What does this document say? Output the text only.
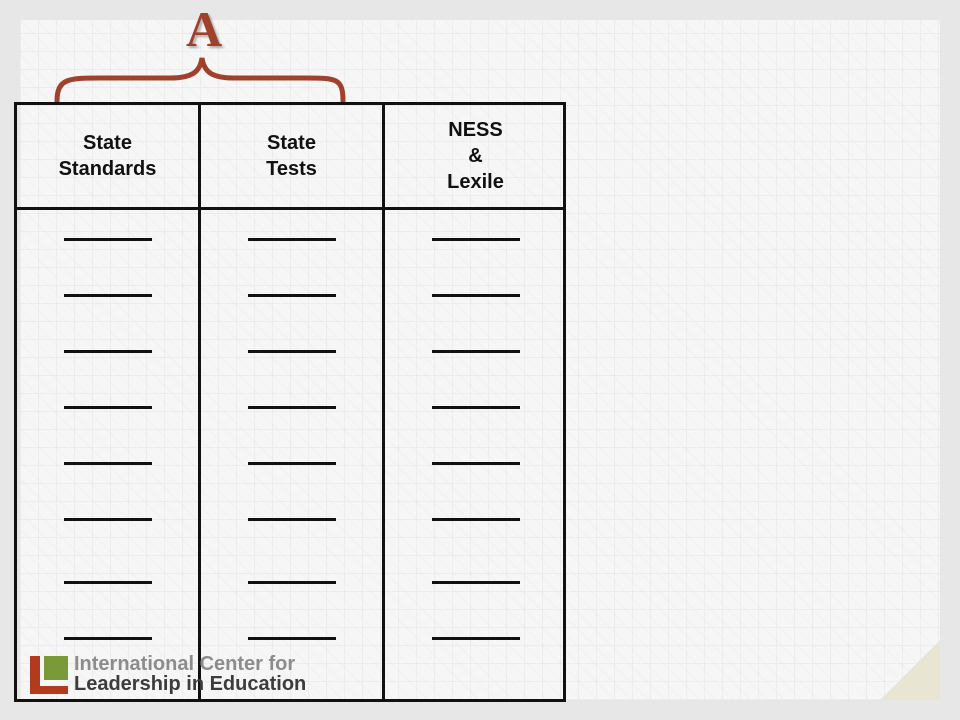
A
State
Standards
State
Tests
NESS
&
Lexile
International Center for
Leadership in Education
